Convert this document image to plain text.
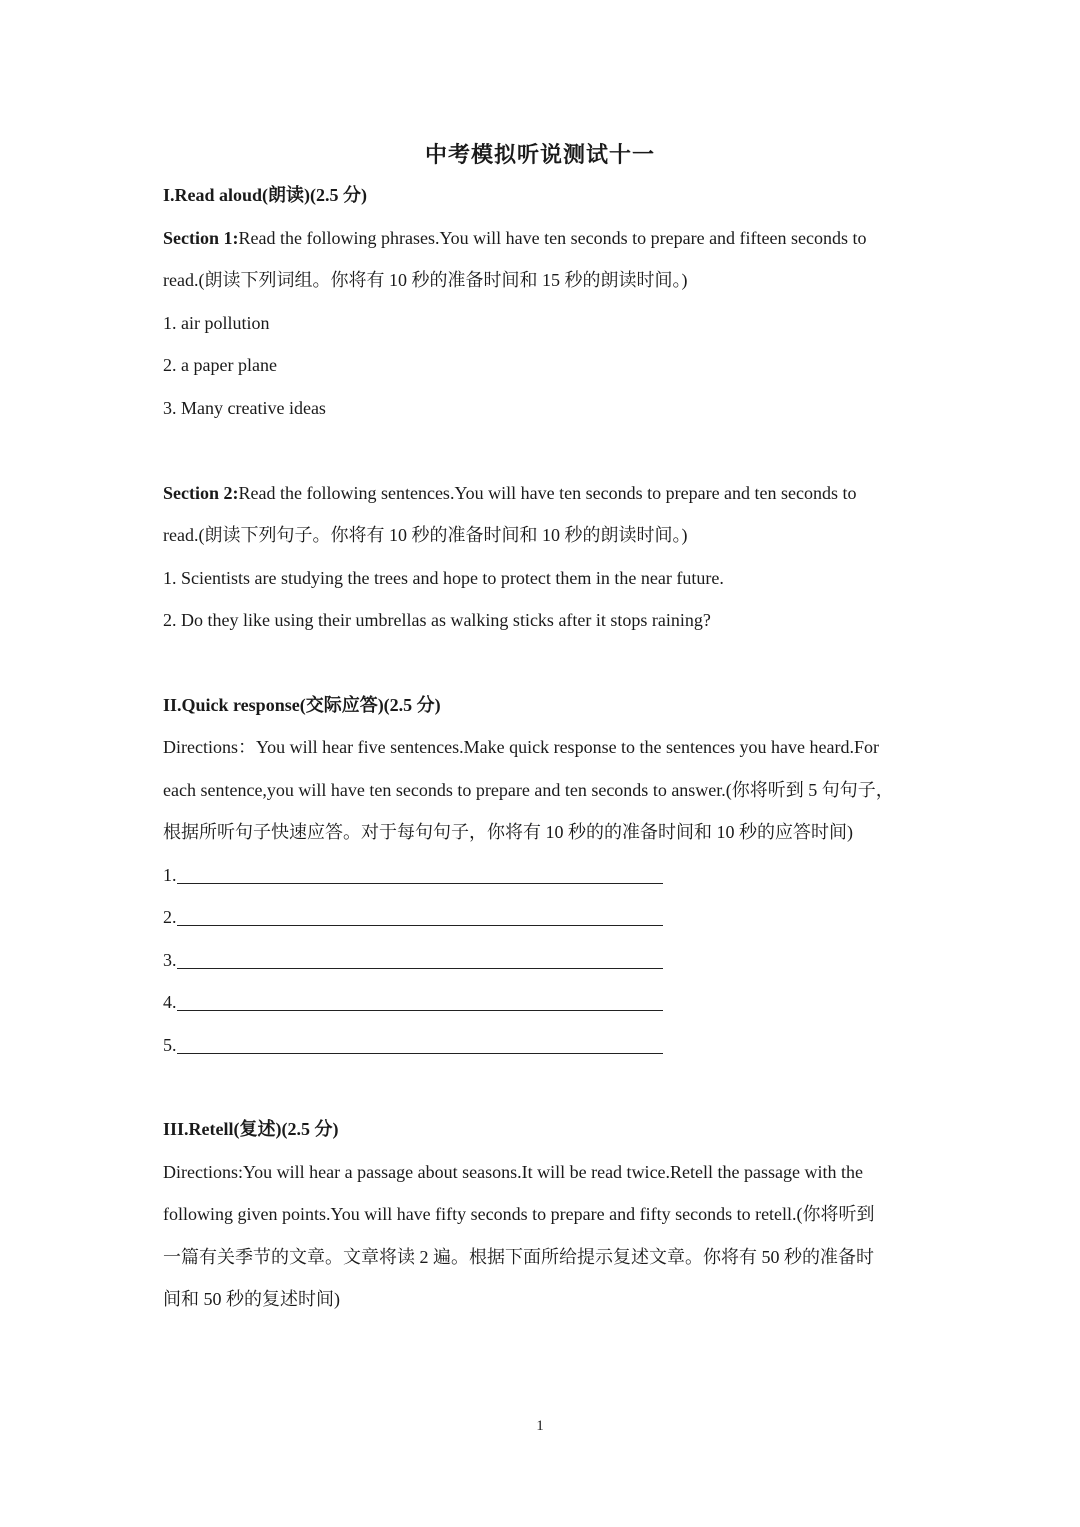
中考模拟听说测试十一
I.Read aloud(朗读)(2.5 分)
Section 1:Read the following phrases.You will have ten seconds to prepare and fifteen seconds to
read.(朗读下列词组。你将有 10 秒的准备时间和 15 秒的朗读时间。)
1. air pollution
2. a paper plane
3. Many creative ideas
Section 2:Read the following sentences.You will have ten seconds to prepare and ten seconds to
read.(朗读下列句子。你将有 10 秒的准备时间和 10 秒的朗读时间。)
1. Scientists are studying the trees and hope to protect them in the near future.
2. Do they like using their umbrellas as walking sticks after it stops raining?
II.Quick response(交际应答)(2.5 分)
Directions：You will hear five sentences.Make quick response to the sentences you have heard.For
each sentence,you will have ten seconds to prepare and ten seconds to answer.(你将听到 5 句句子，
根据所听句子快速应答。对于每句句子，你将有 10 秒的的准备时间和 10 秒的应答时间)
1.
2.
3.
4.
5.
III.Retell(复述)(2.5 分)
Directions:You will hear a passage about seasons.It will be read twice.Retell the passage with the
following given points.You will have fifty seconds to prepare and fifty seconds to retell.(你将听到
一篇有关季节的文章。文章将读 2 遍。根据下面所给提示复述文章。你将有 50 秒的准备时
间和 50 秒的复述时间)
1
